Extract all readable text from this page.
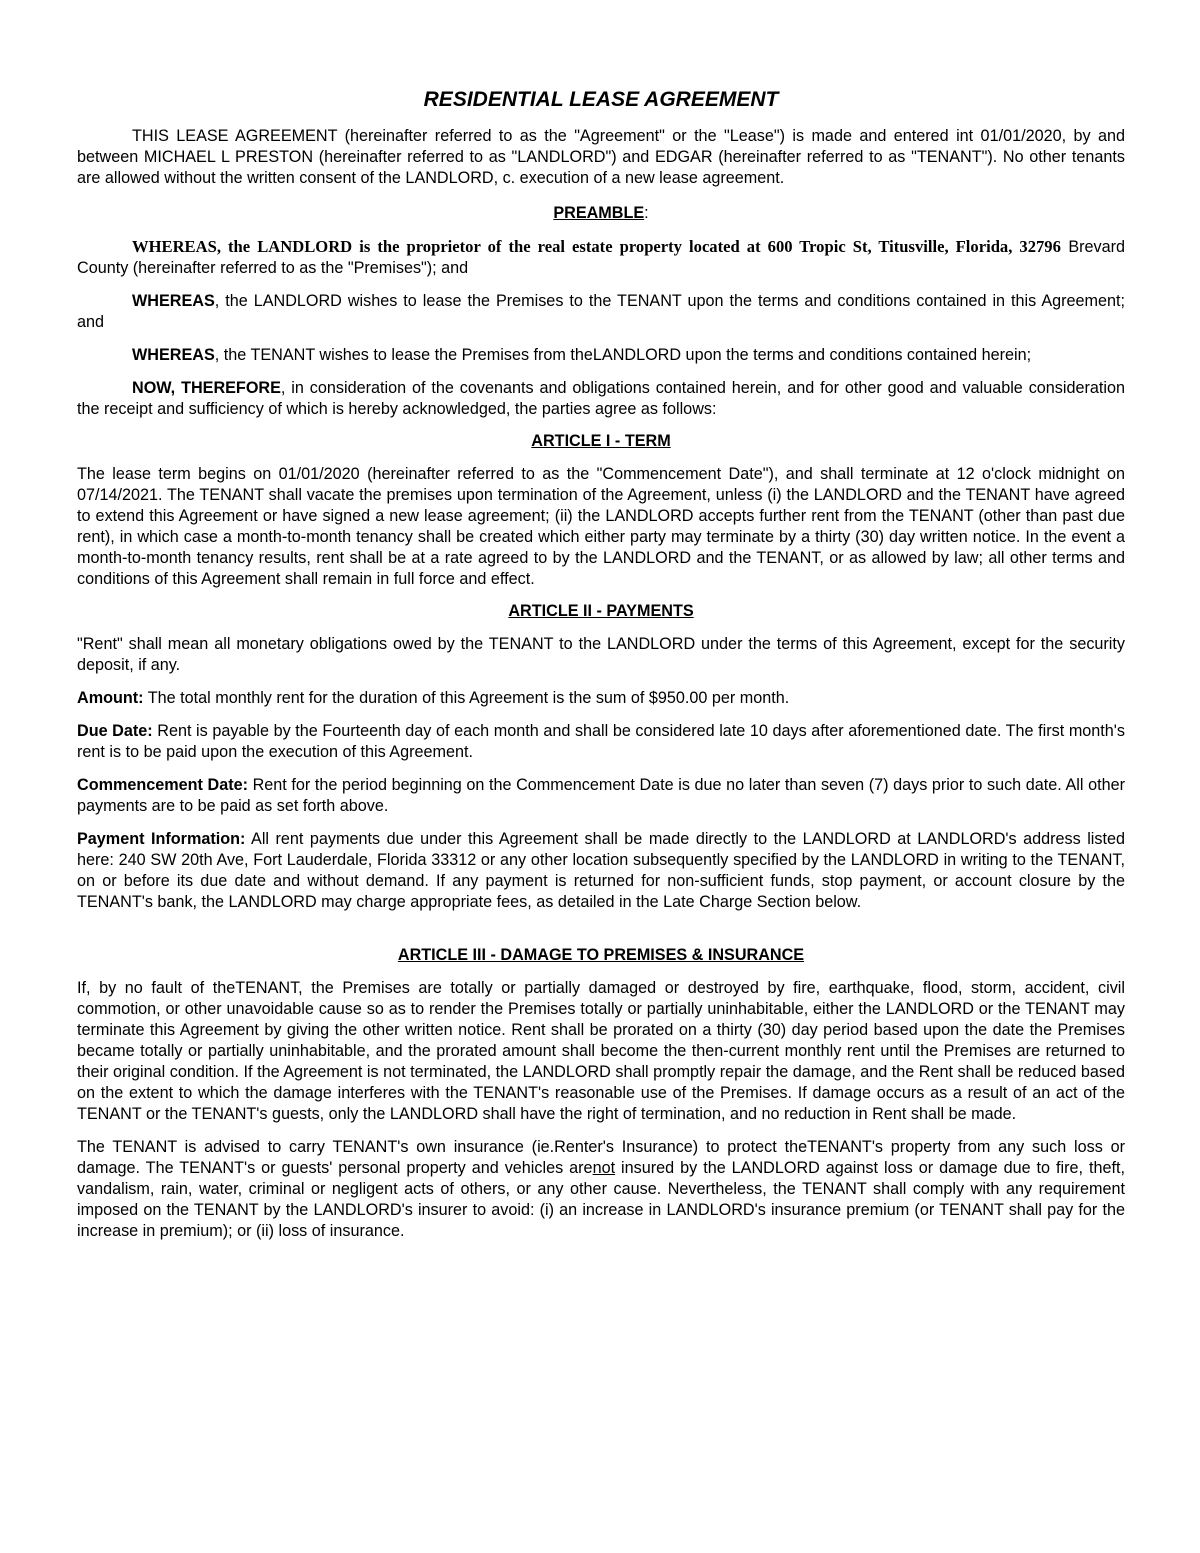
RESIDENTIAL LEASE AGREEMENT

THIS LEASE AGREEMENT (hereinafter referred to as the "Agreement" or the "Lease") is made and entered int 01/01/2020, by and between MICHAEL L PRESTON (hereinafter referred to as "LANDLORD") and EDGAR (hereinafter referred to as "TENANT"). No other tenants are allowed without the written consent of the LANDLORD, c. execution of a new lease agreement.

PREAMBLE:

WHEREAS, the LANDLORD is the proprietor of the real estate property located at 600 Tropic St, Titusville, Florida, 32796 Brevard County (hereinafter referred to as the "Premises"); and

WHEREAS, the LANDLORD wishes to lease the Premises to the TENANT upon the terms and conditions contained in this Agreement; and

WHEREAS, the TENANT wishes to lease the Premises from theLANDLORD upon the terms and conditions contained herein;

NOW, THEREFORE, in consideration of the covenants and obligations contained herein, and for other good and valuable consideration the receipt and sufficiency of which is hereby acknowledged, the parties agree as follows:

ARTICLE I - TERM

The lease term begins on 01/01/2020 (hereinafter referred to as the "Commencement Date"), and shall terminate at 12 o'clock midnight on 07/14/2021. The TENANT shall vacate the premises upon termination of the Agreement, unless (i) the LANDLORD and the TENANT have agreed to extend this Agreement or have signed a new lease agreement; (ii) the LANDLORD accepts further rent from the TENANT (other than past due rent), in which case a month-to-month tenancy shall be created which either party may terminate by a thirty (30) day written notice. In the event a month-to-month tenancy results, rent shall be at a rate agreed to by the LANDLORD and the TENANT, or as allowed by law; all other terms and conditions of this Agreement shall remain in full force and effect.

ARTICLE II - PAYMENTS

"Rent" shall mean all monetary obligations owed by the TENANT to the LANDLORD under the terms of this Agreement, except for the security deposit, if any.

Amount: The total monthly rent for the duration of this Agreement is the sum of $950.00 per month.

Due Date: Rent is payable by the Fourteenth day of each month and shall be considered late 10 days after aforementioned date. The first month's rent is to be paid upon the execution of this Agreement.

Commencement Date: Rent for the period beginning on the Commencement Date is due no later than seven (7) days prior to such date. All other payments are to be paid as set forth above.

Payment Information: All rent payments due under this Agreement shall be made directly to the LANDLORD at LANDLORD's address listed here: 240 SW 20th Ave, Fort Lauderdale, Florida 33312 or any other location subsequently specified by the LANDLORD in writing to the TENANT, on or before its due date and without demand. If any payment is returned for non-sufficient funds, stop payment, or account closure by the TENANT's bank, the LANDLORD may charge appropriate fees, as detailed in the Late Charge Section below.

ARTICLE III - DAMAGE TO PREMISES & INSURANCE

If, by no fault of theTENANT, the Premises are totally or partially damaged or destroyed by fire, earthquake, flood, storm, accident, civil commotion, or other unavoidable cause so as to render the Premises totally or partially uninhabitable, either the LANDLORD or the TENANT may terminate this Agreement by giving the other written notice. Rent shall be prorated on a thirty (30) day period based upon the date the Premises became totally or partially uninhabitable, and the prorated amount shall become the then-current monthly rent until the Premises are returned to their original condition. If the Agreement is not terminated, the LANDLORD shall promptly repair the damage, and the Rent shall be reduced based on the extent to which the damage interferes with the TENANT's reasonable use of the Premises. If damage occurs as a result of an act of the TENANT or the TENANT's guests, only the LANDLORD shall have the right of termination, and no reduction in Rent shall be made.

The TENANT is advised to carry TENANT's own insurance (ie.Renter's Insurance) to protect theTENANT's property from any such loss or damage. The TENANT's or guests' personal property and vehicles arenot insured by the LANDLORD against loss or damage due to fire, theft, vandalism, rain, water, criminal or negligent acts of others, or any other cause. Nevertheless, the TENANT shall comply with any requirement imposed on the TENANT by the LANDLORD's insurer to avoid: (i) an increase in LANDLORD's insurance premium (or TENANT shall pay for the increase in premium); or (ii) loss of insurance.
